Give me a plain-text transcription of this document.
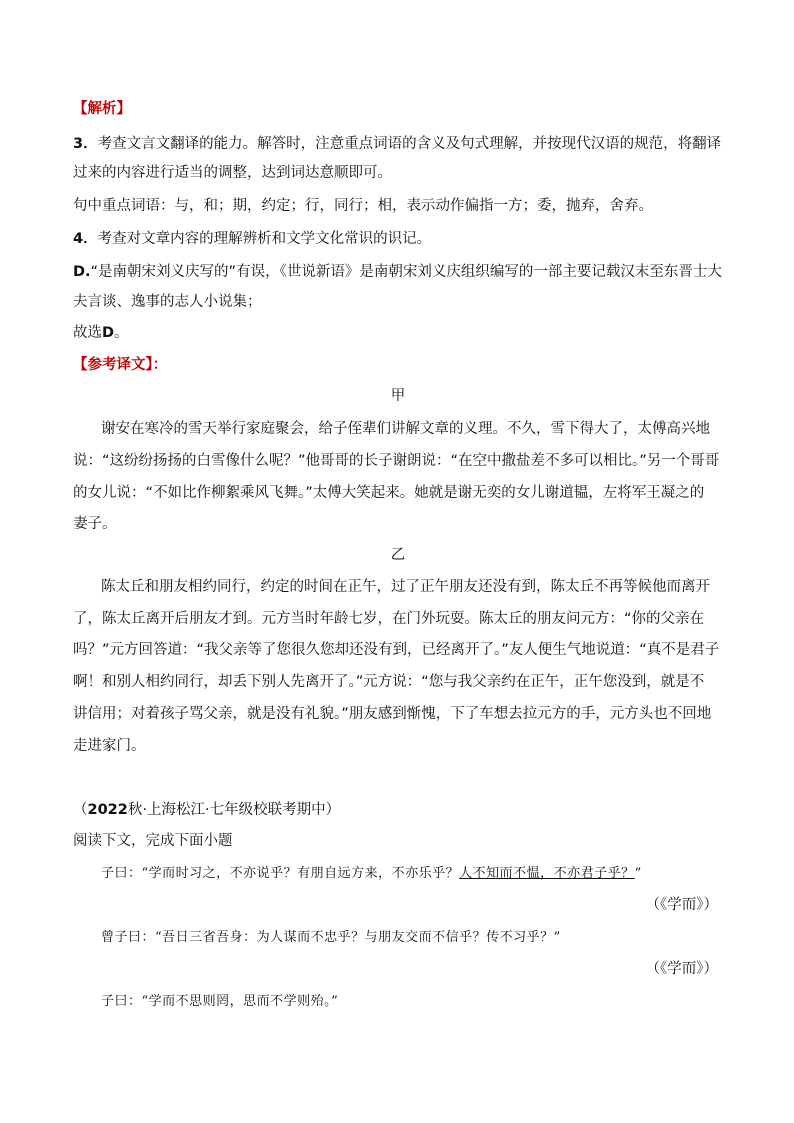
【解析】
3．考查文言文翻译的能力。解答时，注意重点词语的含义及句式理解，并按现代汉语的规范，将翻译
过来的内容进行适当的调整，达到词达意顺即可。
句中重点词语：与，和；期，约定；行，同行；相，表示动作偏指一方；委，抛弃，舍弃。
4．考查对文章内容的理解辨析和文学文化常识的识记。
D.“是南朝宋刘义庆写的”有误，《世说新语》是南朝宋刘义庆组织编写的一部主要记载汉末至东晋士大
夫言谈、逸事的志人小说集；
故选D。
【参考译文】：
甲
谢安在寒冷的雪天举行家庭聚会，给子侄辈们讲解文章的义理。不久，雪下得大了，太傅高兴地
说：“这纷纷扬扬的白雪像什么呢？”他哥哥的长子谢朗说：“在空中撒盐差不多可以相比。”另一个哥哥
的女儿说：“不如比作柳絮乘风飞舞。”太傅大笑起来。她就是谢无奕的女儿谢道韫，左将军王凝之的
妻子。
乙
陈太丘和朋友相约同行，约定的时间在正午，过了正午朋友还没有到，陈太丘不再等候他而离开
了，陈太丘离开后朋友才到。元方当时年龄七岁，在门外玩耍。陈太丘的朋友问元方：“你的父亲在
吗？”元方回答道：“我父亲等了您很久您却还没有到，已经离开了。”友人便生气地说道：“真不是君子
啊！和别人相约同行，却丢下别人先离开了。”元方说：“您与我父亲约在正午，正午您没到，就是不
讲信用；对着孩子骂父亲，就是没有礼貌。”朋友感到惭愧，下了车想去拉元方的手，元方头也不回地
走进家门。
（2022秋·上海松江·七年级校联考期中）
阅读下文，完成下面小题
子曰：“学而时习之，不亦说乎？有朋自远方来，不亦乐乎？人不知而不愠，不亦君子乎？”
（《学而》）
曾子曰：“吾日三省吾身：为人谋而不忠乎？与朋友交而不信乎？传不习乎？”
（《学而》）
子曰：“学而不思则罔，思而不学则殆。”
